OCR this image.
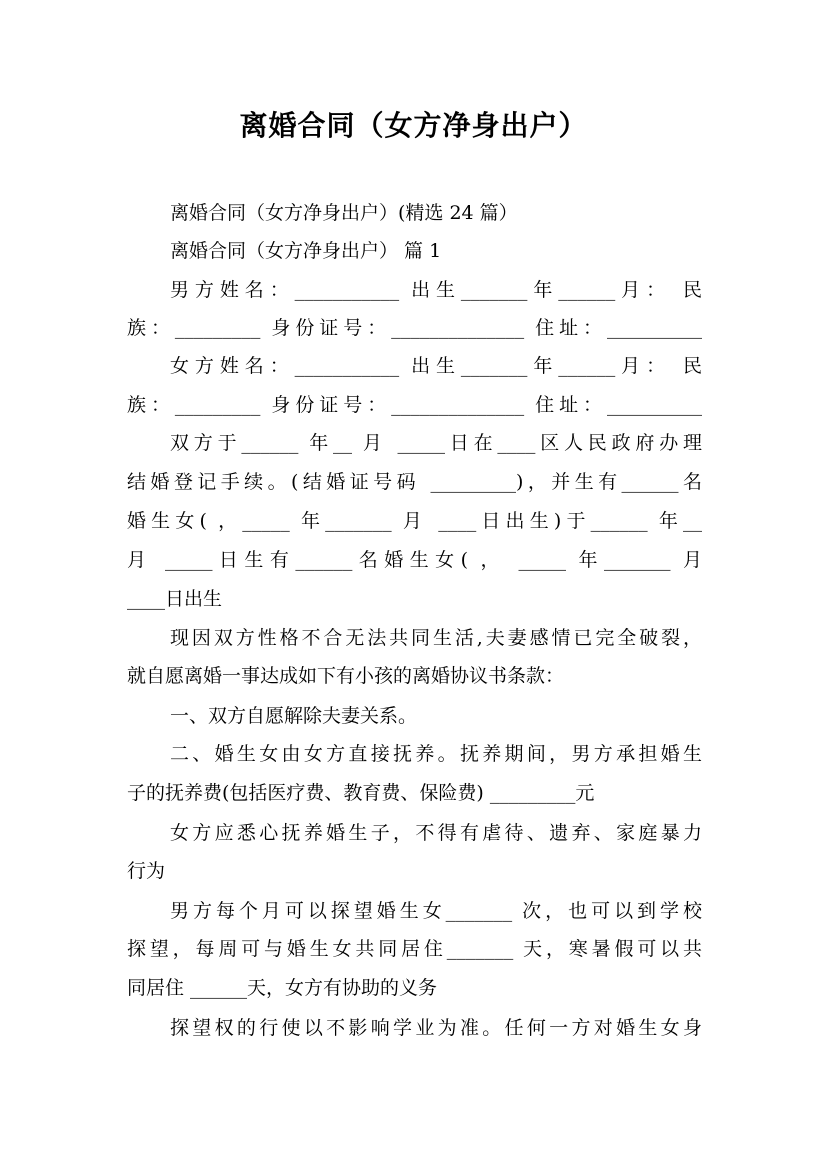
离婚合同（女方净身出户）

离婚合同（女方净身出户）(精选 24 篇）

离婚合同（女方净身出户） 篇 1

男方姓名：___________ 出生_______年______月： 民

族：_________ 身份证号：______________ 住址：__________

女方姓名：___________ 出生_______年______月： 民

族：_________ 身份证号：______________ 住址：__________

双方于______ 年__ 月 _____日在____区人民政府办理

结婚登记手续。(结婚证号码 _________)，并生有______名

婚生女( ，_____ 年_______ 月 ____日出生)于______ 年__

月 _____日生有______名婚生女( ， _____ 年_______ 月

____日出生

现因双方性格不合无法共同生活,夫妻感情已完全破裂，

就自愿离婚一事达成如下有小孩的离婚协议书条款：

一、双方自愿解除夫妻关系。

二、婚生女由女方直接抚养。抚养期间，男方承担婚生

子的抚养费(包括医疗费、教育费、保险费) _________元

女方应悉心抚养婚生子，不得有虐待、遗弃、家庭暴力

行为

男方每个月可以探望婚生女_______ 次，也可以到学校

探望，每周可与婚生女共同居住_______ 天，寒暑假可以共

同居住 ______天，女方有协助的义务

探望权的行使以不影响学业为准。任何一方对婚生女身
